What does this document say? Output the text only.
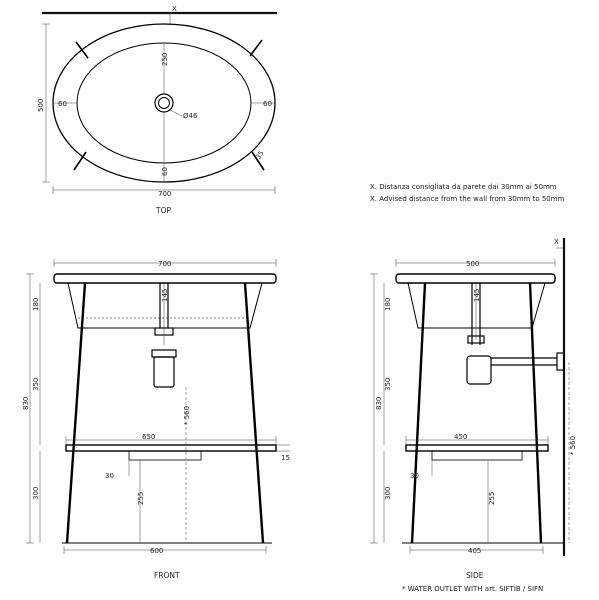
X
250
60
60	60
Ø46
35
700
500
TOP
700
145
650
15
30
600
830
180
350
300	255
* 560
FRONT
X
500
145
450
30
405
830
180
350
300	255
* 560
SIDE
X. Distanza consigliata da parete dai 30mm ai 50mm
X. Advised distance from the wall from 30mm to 50mm
* WATER OUTLET WITH art. SIFTIB / SIFN
